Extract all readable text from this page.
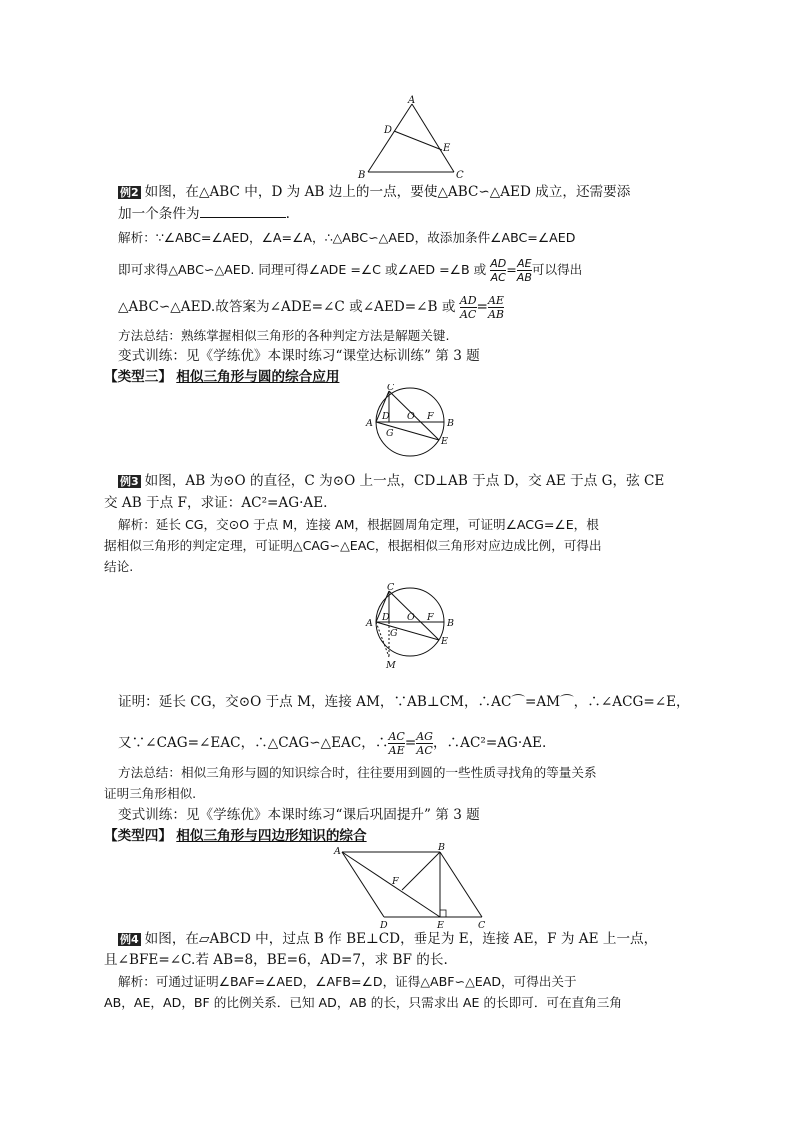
A
B	C
D
E
例2 如图，在△ABC 中，D 为 AB 边上的一点，要使△ABC∽△AED 成立，还需要添
加一个条件为	.
解析：∵∠ABC=∠AED，∠A=∠A，∴△ABC∽△AED，故添加条件∠ABC=∠AED
即可求得△ABC∽△AED. 同理可得∠ADE =∠C 或∠AED =∠B 或 $\frac{AD}{AC} = \frac{AE}{AB}$ 可以得出
△ABC∽△AED.故答案为∠ADE=∠C 或∠AED=∠B 或 $\frac{AD}{AC} = \frac{AE}{AB}$
方法总结：熟练掌握相似三角形的各种判定方法是解题关键.
变式训练：见《学练优》本课时练习“课堂达标训练” 第 3 题
【类型三】 相似三角形与圆的综合应用
C
A	B
D O F
G
E
例3 如图，AB 为⊙O 的直径，C 为⊙O 上一点，CD⊥AB 于点 D，交 AE 于点 G，弦 CE
交 AB 于点 F，求证：AC²=AG·AE.
解析：延长 CG，交⊙O 于点 M，连接 AM，根据圆周角定理，可证明∠ACG=∠E，根
据相似三角形的判定定理，可证明△CAG∽△EAC，根据相似三角形对应边成比例，可得出
结论.
C
A	B
D O F
G
E
M
证明：延长 CG，交⊙O 于点 M，连接 AM，∵AB⊥CM，∴AC⌒=AM⌒，∴∠ACG=∠E，
又∵∠CAG=∠EAC，∴△CAG∽△EAC，∴ $\frac{AC}{AE} = \frac{AG}{AC}$ ，∴AC²=AG·AE.
方法总结：相似三角形与圆的知识综合时，往往要用到圆的一些性质寻找角的等量关系
证明三角形相似.
变式训练：见《学练优》本课时练习“课后巩固提升” 第 3 题
【类型四】 相似三角形与四边形知识的综合
A	B
C
D	E
F
例4 如图，在▱ABCD 中，过点 B 作 BE⊥CD，垂足为 E，连接 AE，F 为 AE 上一点，
且∠BFE=∠C.若 AB=8，BE=6，AD=7，求 BF 的长.
解析：可通过证明∠BAF=∠AED，∠AFB=∠D，证得△ABF∽△EAD，可得出关于
AB，AE，AD，BF 的比例关系．已知 AD，AB 的长，只需求出 AE 的长即可．可在直角三角
